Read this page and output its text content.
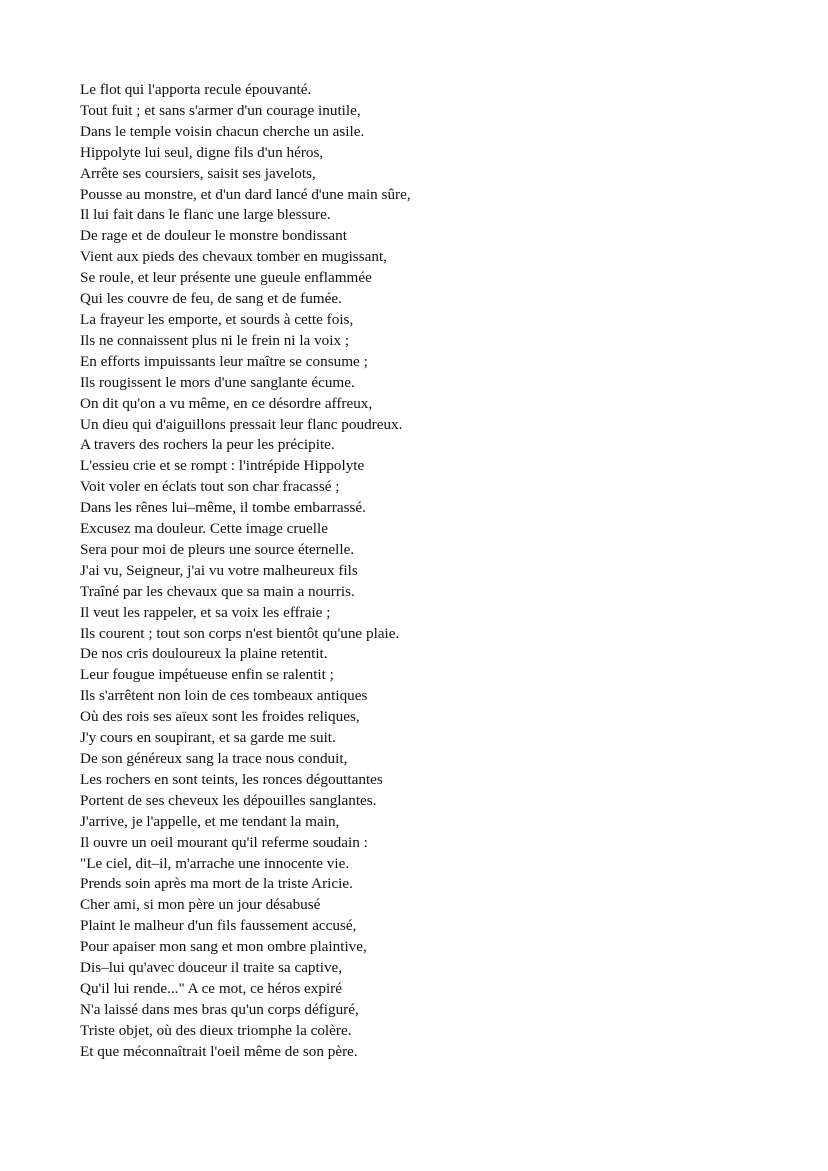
Le flot qui l'apporta recule épouvanté.
Tout fuit ; et sans s'armer d'un courage inutile,
Dans le temple voisin chacun cherche un asile.
Hippolyte lui seul, digne fils d'un héros,
Arrête ses coursiers, saisit ses javelots,
Pousse au monstre, et d'un dard lancé d'une main sûre,
Il lui fait dans le flanc une large blessure.
De rage et de douleur le monstre bondissant
Vient aux pieds des chevaux tomber en mugissant,
Se roule, et leur présente une gueule enflammée
Qui les couvre de feu, de sang et de fumée.
La frayeur les emporte, et sourds à cette fois,
Ils ne connaissent plus ni le frein ni la voix ;
En efforts impuissants leur maître se consume ;
Ils rougissent le mors d'une sanglante écume.
On dit qu'on a vu même, en ce désordre affreux,
Un dieu qui d'aiguillons pressait leur flanc poudreux.
A travers des rochers la peur les précipite.
L'essieu crie et se rompt : l'intrépide Hippolyte
Voit voler en éclats tout son char fracassé ;
Dans les rênes lui‒même, il tombe embarrassé.
Excusez ma douleur. Cette image cruelle
Sera pour moi de pleurs une source éternelle.
J'ai vu, Seigneur, j'ai vu votre malheureux fils
Traîné par les chevaux que sa main a nourris.
Il veut les rappeler, et sa voix les effraie ;
Ils courent ; tout son corps n'est bientôt qu'une plaie.
De nos cris douloureux la plaine retentit.
Leur fougue impétueuse enfin se ralentit ;
Ils s'arrêtent non loin de ces tombeaux antiques
Où des rois ses aïeux sont les froides reliques,
J'y cours en soupirant, et sa garde me suit.
De son généreux sang la trace nous conduit,
Les rochers en sont teints, les ronces dégouttantes
Portent de ses cheveux les dépouilles sanglantes.
J'arrive, je l'appelle, et me tendant la main,
Il ouvre un oeil mourant qu'il referme soudain :
"Le ciel, dit‒il, m'arrache une innocente vie.
Prends soin après ma mort de la triste Aricie.
Cher ami, si mon père un jour désabusé
Plaint le malheur d'un fils faussement accusé,
Pour apaiser mon sang et mon ombre plaintive,
Dis‒lui qu'avec douceur il traite sa captive,
Qu'il lui rende..." A ce mot, ce héros expiré
N'a laissé dans mes bras qu'un corps défiguré,
Triste objet, où des dieux triomphe la colère.
Et que méconnaîtrait l'oeil même de son père.
